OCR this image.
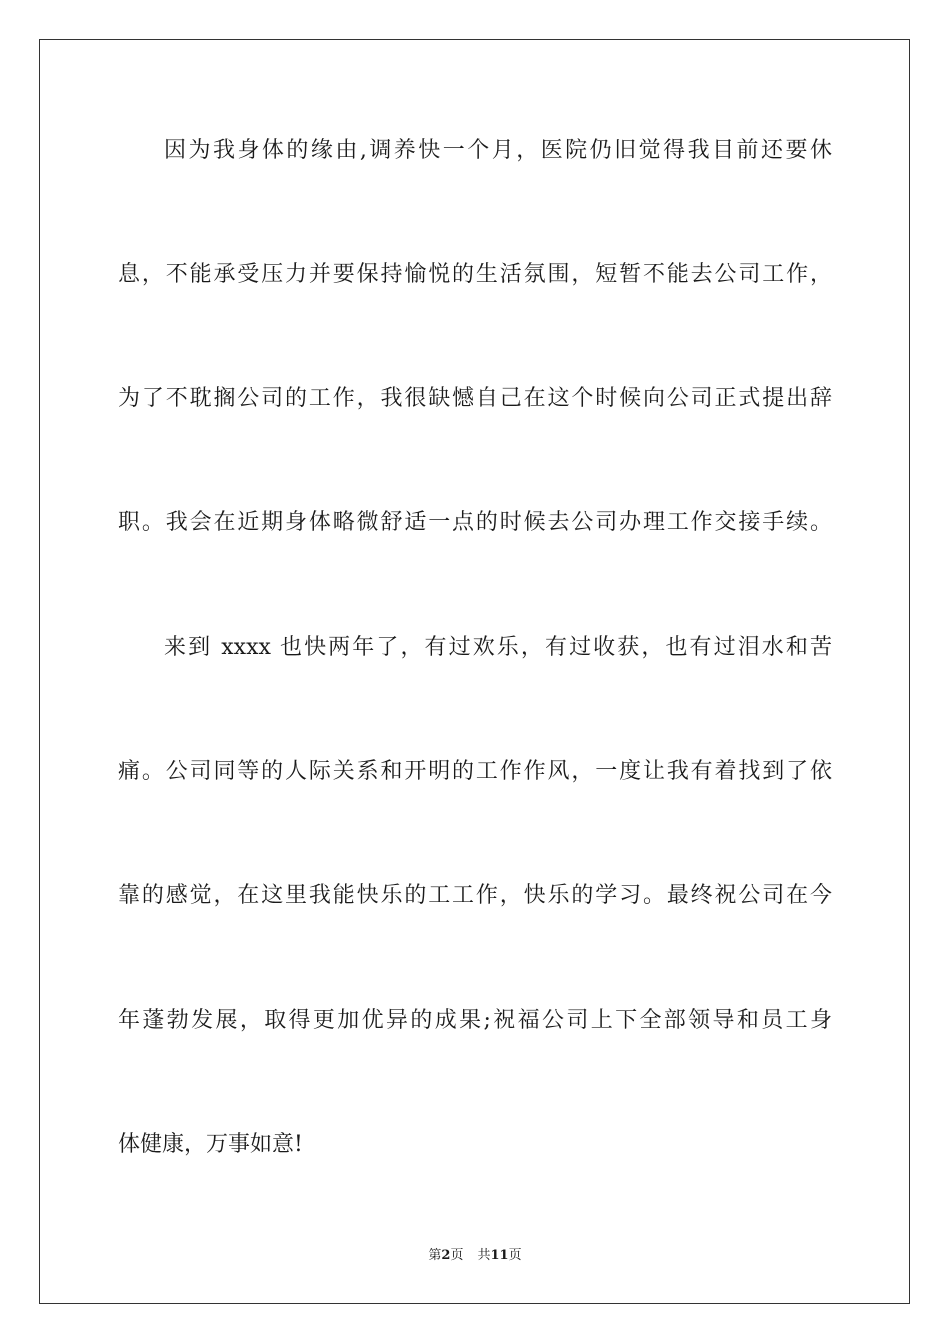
因为我身体的缘由,调养快一个月，医院仍旧觉得我目前还要休
息，不能承受压力并要保持愉悦的生活氛围，短暂不能去公司工作，
为了不耽搁公司的工作，我很缺憾自己在这个时候向公司正式提出辞
职。我会在近期身体略微舒适一点的时候去公司办理工作交接手续。
来到 xxxx 也快两年了，有过欢乐，有过收获，也有过泪水和苦
痛。公司同等的人际关系和开明的工作作风，一度让我有着找到了依
靠的感觉，在这里我能快乐的工工作，快乐的学习。最终祝公司在今
年蓬勃发展，取得更加优异的成果;祝福公司上下全部领导和员工身
体健康，万事如意!
第2页 共11页
